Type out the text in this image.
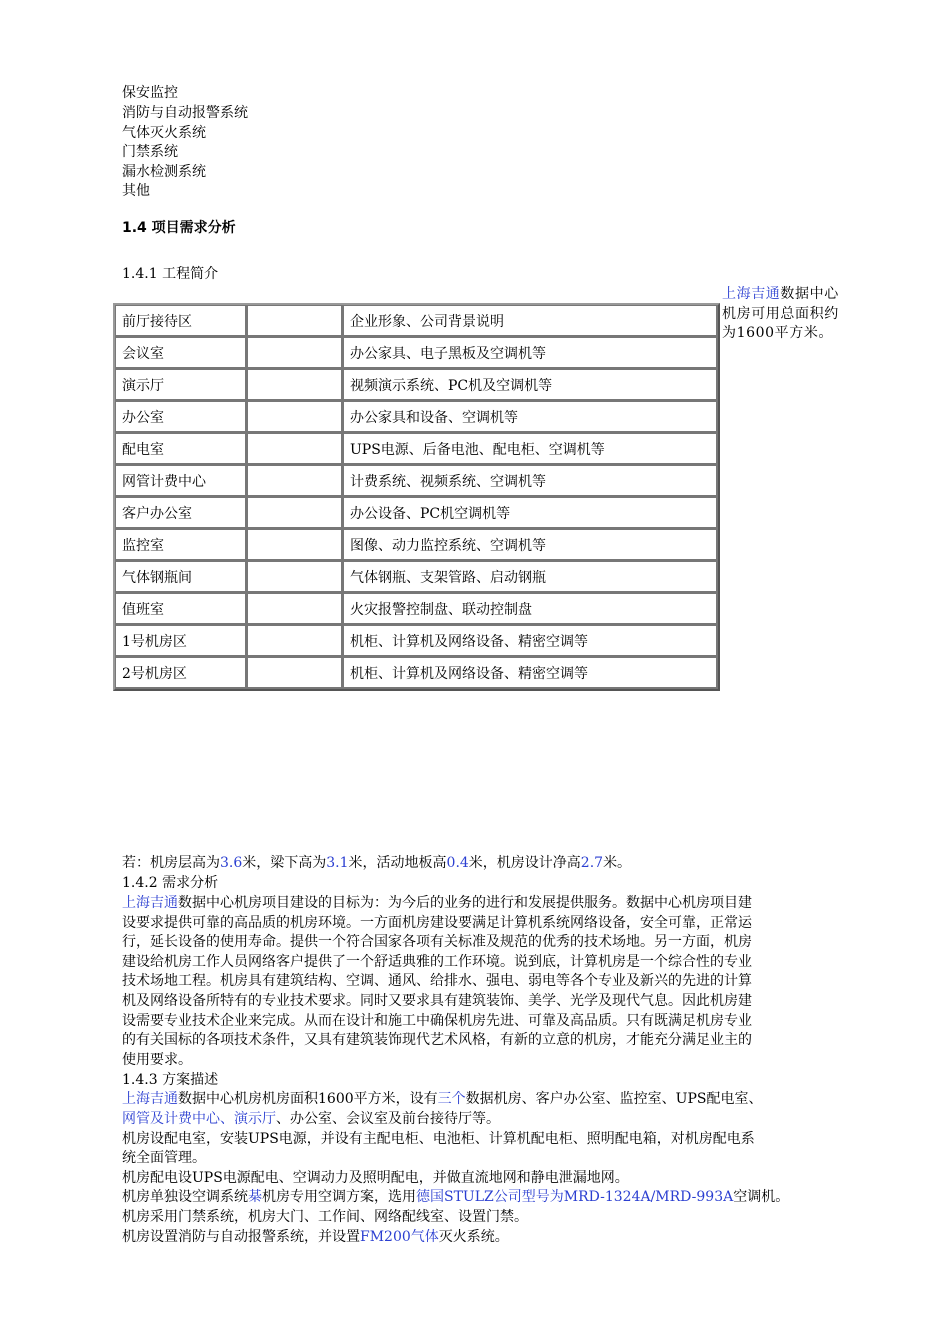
保安监控
消防与自动报警系统
气体灭火系统
门禁系统
漏水检测系统
其他
1.4 项目需求分析
1.4.1 工程简介
上海吉通数据中心机房可用总面积约为1600平方米。
前厅接待区		企业形象、公司背景说明
会议室		办公家具、电子黑板及空调机等
演示厅		视频演示系统、PC机及空调机等
办公室		办公家具和设备、空调机等
配电室		UPS电源、后备电池、配电柜、空调机等
网管计费中心		计费系统、视频系统、空调机等
客户办公室		办公设备、PC机空调机等
监控室		图像、动力监控系统、空调机等
气体钢瓶间		气体钢瓶、支架管路、启动钢瓶
值班室		火灾报警控制盘、联动控制盘
1号机房区		机柜、计算机及网络设备、精密空调等
2号机房区		机柜、计算机及网络设备、精密空调等
若：机房层高为3.6米，梁下高为3.1米，活动地板高0.4米，机房设计净高2.7米。
1.4.2 需求分析
上海吉通数据中心机房项目建设的目标为：为今后的业务的进行和发展提供服务。数据中心机房项目建
设要求提供可靠的高品质的机房环境。一方面机房建设要满足计算机系统网络设备，安全可靠，正常运
行，延长设备的使用寿命。提供一个符合国家各项有关标准及规范的优秀的技术场地。另一方面，机房
建设给机房工作人员网络客户提供了一个舒适典雅的工作环境。说到底，计算机房是一个综合性的专业
技术场地工程。机房具有建筑结构、空调、通风、给排水、强电、弱电等各个专业及新兴的先进的计算
机及网络设备所特有的专业技术要求。同时又要求具有建筑装饰、美学、光学及现代气息。因此机房建
设需要专业技术企业来完成。从而在设计和施工中确保机房先进、可靠及高品质。只有既满足机房专业
的有关国标的各项技术条件，又具有建筑装饰现代艺术风格，有新的立意的机房，才能充分满足业主的
使用要求。
1.4.3 方案描述
上海吉通数据中心机房机房面积1600平方米，设有三个数据机房、客户办公室、监控室、UPS配电室、
网管及计费中心、演示厅、办公室、会议室及前台接待厅等。
机房设配电室，安装UPS电源，并设有主配电柜、电池柜、计算机配电柜、照明配电箱，对机房配电系
统全面管理。
机房配电设UPS电源配电、空调动力及照明配电，并做直流地网和静电泄漏地网。
机房单独设空调系统棊机房专用空调方案，选用德国STULZ公司型号为MRD-1324A/MRD-993A空调机。
机房采用门禁系统，机房大门、工作间、网络配线室、设置门禁。
机房设置消防与自动报警系统，并设置FM200气体灭火系统。
